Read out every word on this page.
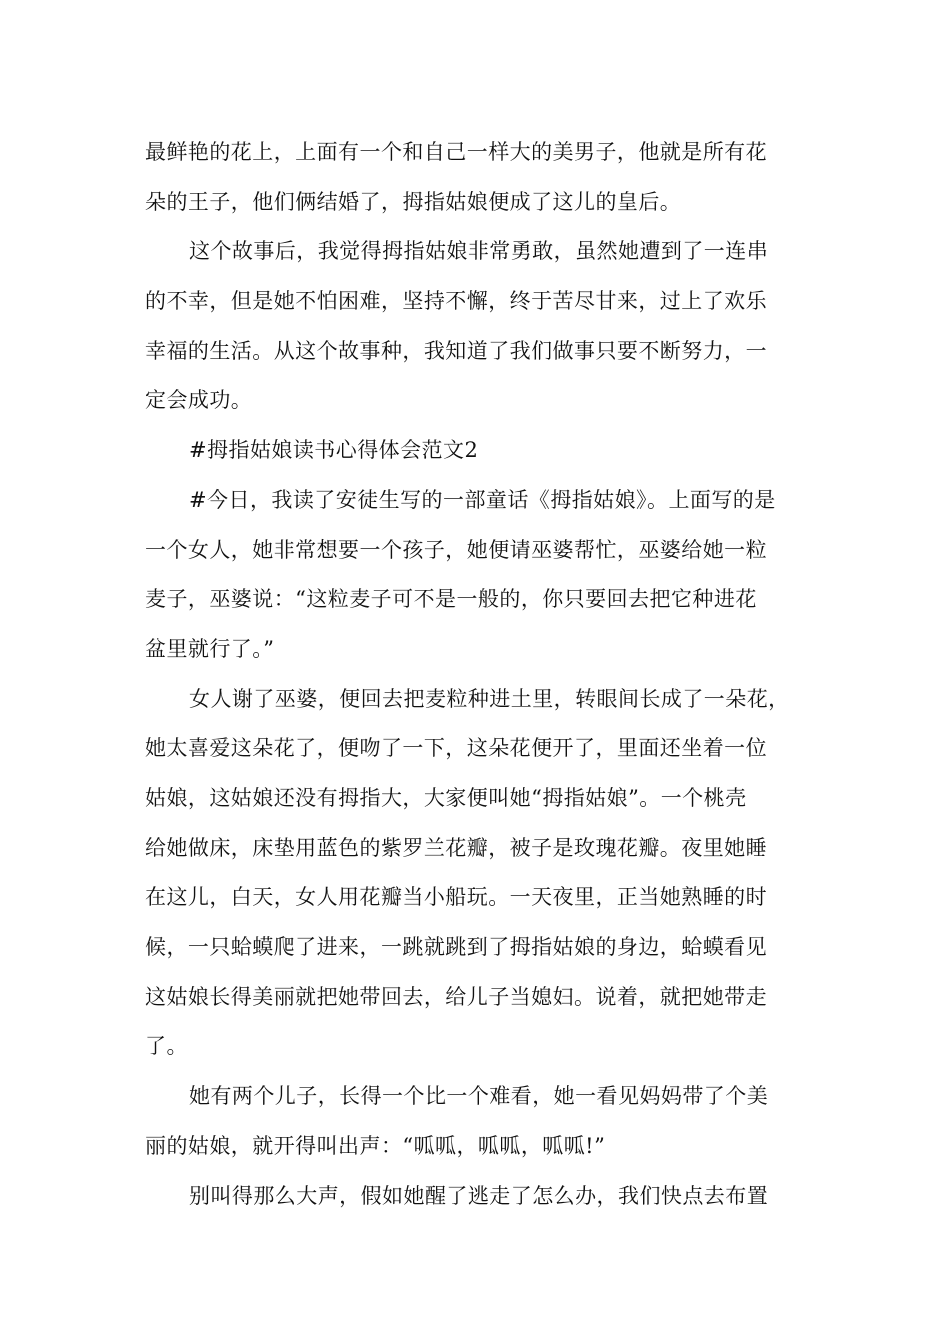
最鲜艳的花上，上面有一个和自己一样大的美男子，他就是所有花

朵的王子，他们俩结婚了，拇指姑娘便成了这儿的皇后。

这个故事后，我觉得拇指姑娘非常勇敢，虽然她遭到了一连串

的不幸，但是她不怕困难，坚持不懈，终于苦尽甘来，过上了欢乐

幸福的生活。从这个故事种，我知道了我们做事只要不断努力，一

定会成功。

#拇指姑娘读书心得体会范文2

#今日，我读了安徒生写的一部童话《拇指姑娘》。上面写的是

一个女人，她非常想要一个孩子，她便请巫婆帮忙，巫婆给她一粒

麦子，巫婆说：“这粒麦子可不是一般的，你只要回去把它种进花

盆里就行了。”

女人谢了巫婆，便回去把麦粒种进土里，转眼间长成了一朵花，

她太喜爱这朵花了，便吻了一下，这朵花便开了，里面还坐着一位

姑娘，这姑娘还没有拇指大，大家便叫她“拇指姑娘”。一个桃壳

给她做床，床垫用蓝色的紫罗兰花瓣，被子是玫瑰花瓣。夜里她睡

在这儿，白天，女人用花瓣当小船玩。一天夜里，正当她熟睡的时

候，一只蛤蟆爬了进来，一跳就跳到了拇指姑娘的身边，蛤蟆看见

这姑娘长得美丽就把她带回去，给儿子当媳妇。说着，就把她带走

了。

她有两个儿子，长得一个比一个难看，她一看见妈妈带了个美

丽的姑娘，就开得叫出声：“呱呱，呱呱，呱呱!”

别叫得那么大声，假如她醒了逃走了怎么办，我们快点去布置
